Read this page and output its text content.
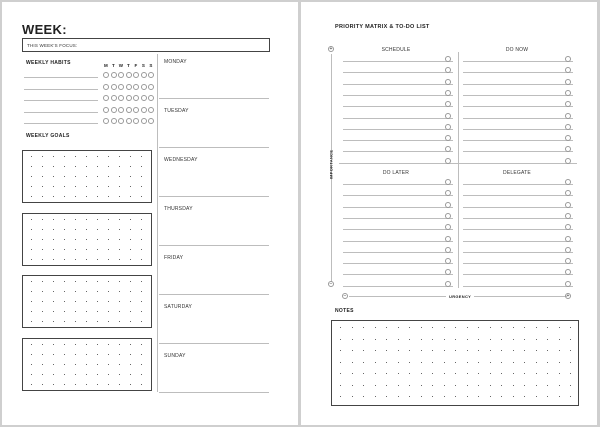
WEEK:
THIS WEEK'S FOCUS:
WEEKLY HABITS	M T W T F S S
WEEKLY GOALS
MONDAY
TUESDAY
WEDNESDAY
THURSDAY
FRIDAY
SATURDAY
SUNDAY
PRIORITY MATRIX & TO-DO LIST
+
IMPORTANCE
−
−	URGENCY	+
SCHEDULE	DO NOW
DO LATER	DELEGATE
NOTES
